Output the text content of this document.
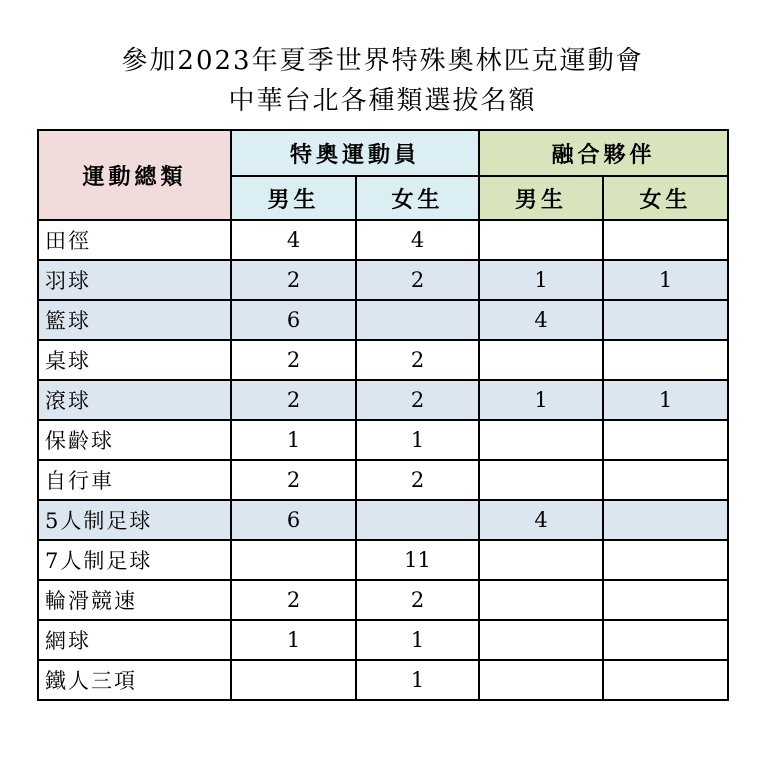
參加2023年夏季世界特殊奧林匹克運動會
中華台北各種類選拔名額
運動總類	特奧運動員		融合夥伴	
	男生	女生	男生	女生
田徑	4	4		
羽球	2	2	1	1
籃球	6		4	
桌球	2	2		
滾球	2	2	1	1
保齡球	1	1		
自行車	2	2		
5人制足球	6		4	
7人制足球		11		
輪滑競速	2	2		
網球	1	1		
鐵人三項		1		
